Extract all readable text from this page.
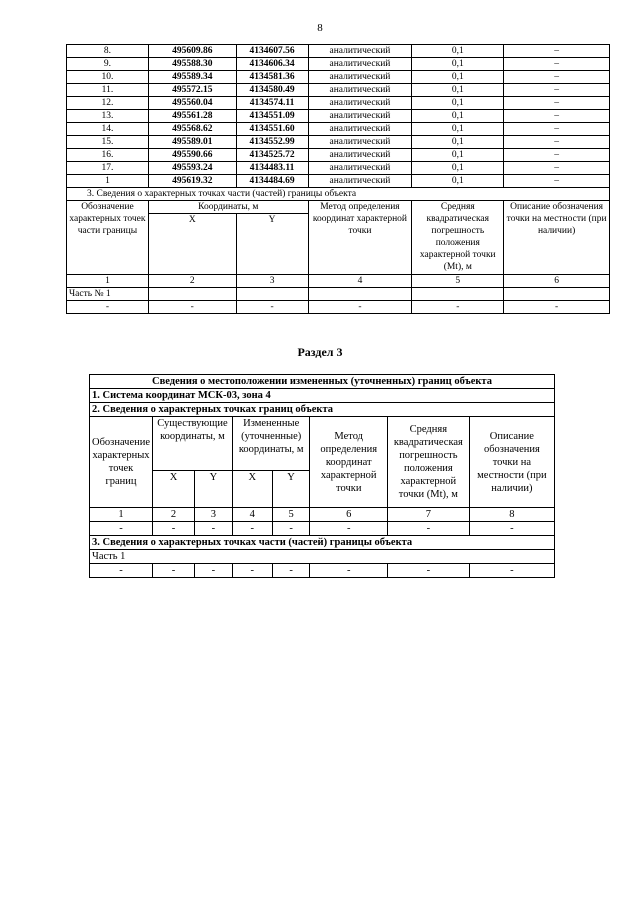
8
8.	495609.86	4134607.56	аналитический	0,1	–
9.	495588.30	4134606.34	аналитический	0,1	–
10.	495589.34	4134581.36	аналитический	0,1	–
11.	495572.15	4134580.49	аналитический	0,1	–
12.	495560.04	4134574.11	аналитический	0,1	–
13.	495561.28	4134551.09	аналитический	0,1	–
14.	495568.62	4134551.60	аналитический	0,1	–
15.	495589.01	4134552.99	аналитический	0,1	–
16.	495590.66	4134525.72	аналитический	0,1	–
17.	495593.24	4134483.11	аналитический	0,1	–
1	495619.32	4134484.69	аналитический	0,1	–
3. Сведения о характерных точках части (частей) границы объекта					
Обозначение характерных точек части границы	Координаты, м		Метод определения координат характерной точки	Средняя квадратическая погрешность положения характерной точки (Mt), м	Описание обозначения точки на местности (при наличии)
	X	Y			
1	2	3	4	5	6
Часть № 1					
-	-	-	-	-	-
Раздел 3
Сведения о местоположении измененных (уточненных) границ объекта							
1. Система координат МСК-03, зона 4							
2. Сведения о характерных точках границ объекта							
Обозначение характерных точек границ	Существующие координаты, м		Измененные (уточненные) координаты, м		Метод определения координат характерной точки	Средняя квадратическая погрешность положения характерной точки (Mt), м	Описание обозначения точки на местности (при наличии)
	X	Y	X	Y			
1	2	3	4	5	6	7	8
-	-	-	-	-	-	-	-
3. Сведения о характерных точках части (частей) границы объекта							
Часть 1							
-	-	-	-	-	-	-	-
